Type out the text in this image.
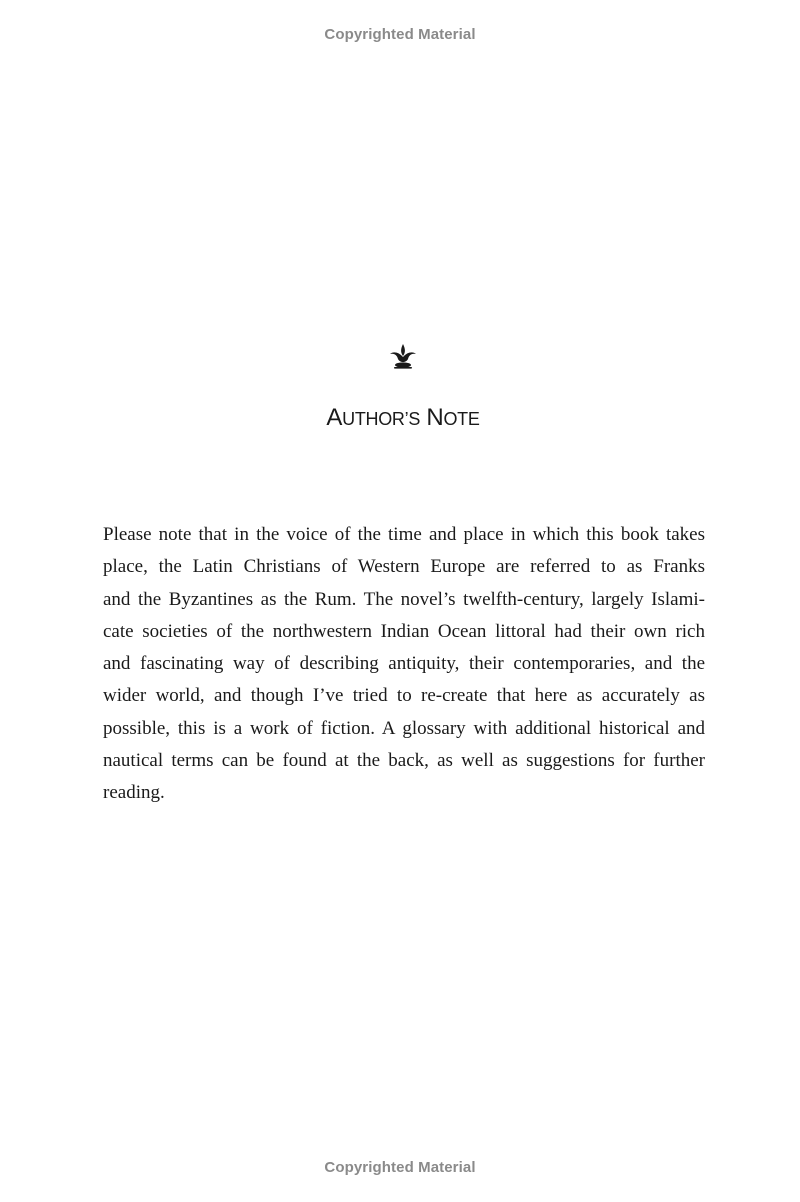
Copyrighted Material
AUTHOR’S NOTE

Please note that in the voice of the time and place in which this book takes
place, the Latin Christians of Western Europe are referred to as Franks
and the Byzantines as the Rum. The novel’s twelfth-century, largely Islami-
cate societies of the northwestern Indian Ocean littoral had their own rich
and fascinating way of describing antiquity, their contemporaries, and the
wider world, and though I’ve tried to re-create that here as accurately as
possible, this is a work of fiction. A glossary with additional historical and
nautical terms can be found at the back, as well as suggestions for further
reading.

Copyrighted Material
